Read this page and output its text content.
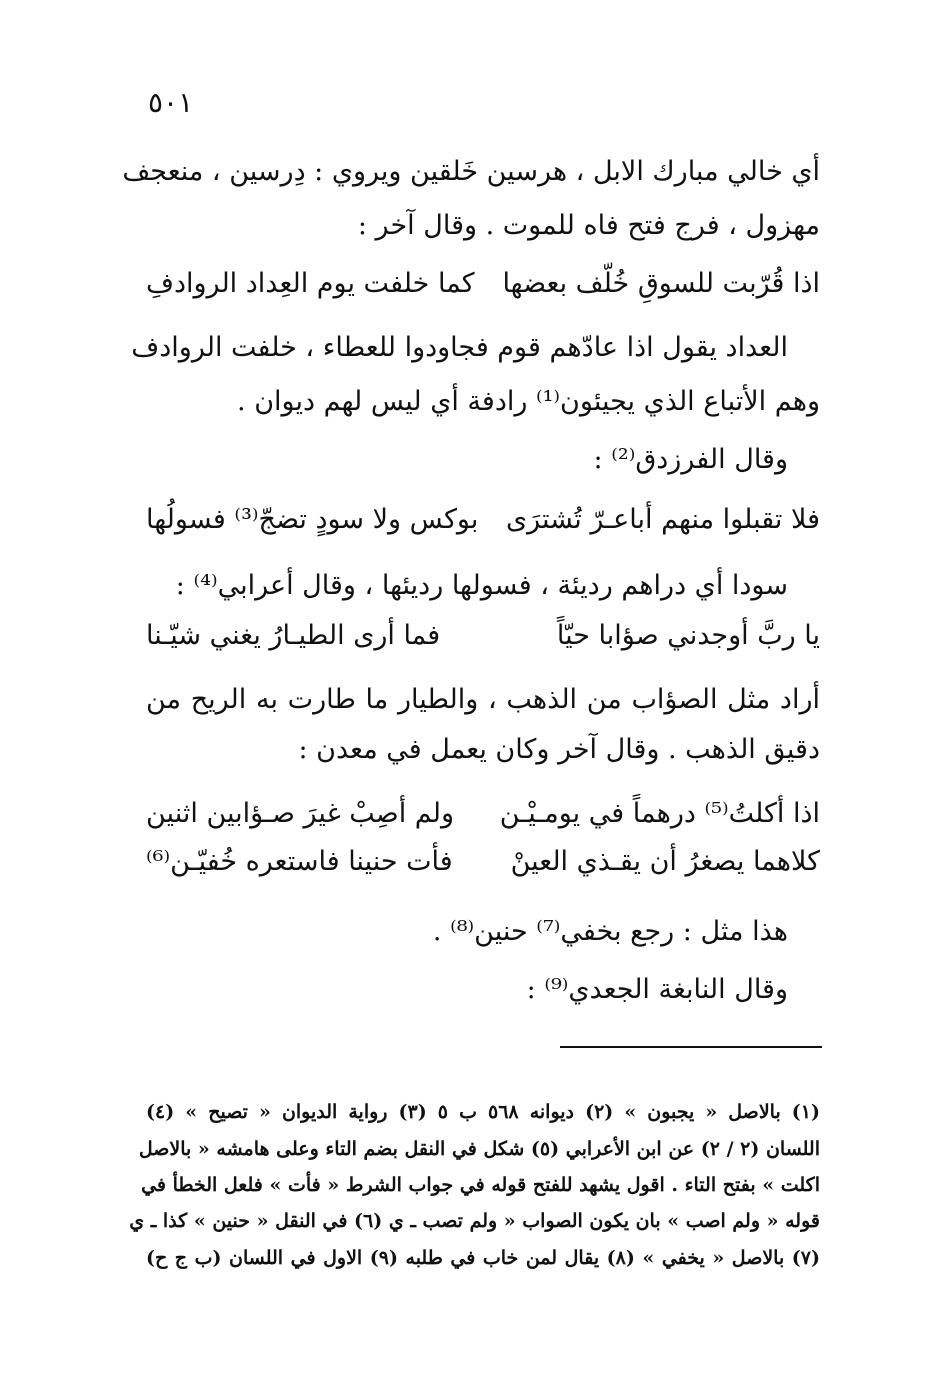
٥٠١
أي خالي مبارك الابل ، هرسين خَلقين ويروي : دِرسين ، منعجف
مهزول ، فرج فتح فاه للموت . وقال آخر :
اذا قُرّبت للسوقِ خُلّف بعضها
كما خلفت يوم العِداد الروادفِ
العداد يقول اذا عادّهم قوم فجاودوا للعطاء ، خلفت الروادف
وهم الأتباع الذي يجيئون⁽¹⁾ رادفة أي ليس لهم ديوان .
وقال الفرزدق⁽²⁾ :
فلا تقبلوا منهم أباعـرّ تُشترَى
بوكس ولا سودٍ تضجّ⁽³⁾ فسولُها
سودا أي دراهم رديئة ، فسولها رديئها ، وقال أعرابي⁽⁴⁾ :
يا ربَّ أوجدني صؤابا حيّاً
فما أرى الطيـارُ يغني شيّـنا
أراد مثل الصؤاب من الذهب ، والطيار ما طارت به الريح من
دقيق الذهب . وقال آخر وكان يعمل في معدن :
اذا أكلتُ⁽⁵⁾ درهماً في يومـيْـن
ولم أصِبْ غيرَ صـؤابين اثنين
كلاهما يصغرُ أن يقـذي العينْ
فأت حنينا فاستعره خُفيّـن⁽⁶⁾
هذا مثل : رجع بخفي⁽⁷⁾ حنين⁽⁸⁾ .
وقال النابغة الجعدي⁽⁹⁾ :
(١) بالاصل « يجبون » (٢) ديوانه ٥٦٨ ب ٥ (٣) رواية الديوان « تصيح » (٤)
اللسان (٢ / ٢) عن ابن الأعرابي (٥) شكل في النقل بضم التاء وعلى هامشه « بالاصل
اكلت » بفتح التاء . اقول يشهد للفتح قوله في جواب الشرط « فأت » فلعل الخطأ في
قوله « ولم اصب » بان يكون الصواب « ولم تصب ـ ي (٦) في النقل « حنين » كذا ـ ي
(٧) بالاصل « يخفي » (٨) يقال لمن خاب في طلبه (٩) الاول في اللسان (ب ج ح)
